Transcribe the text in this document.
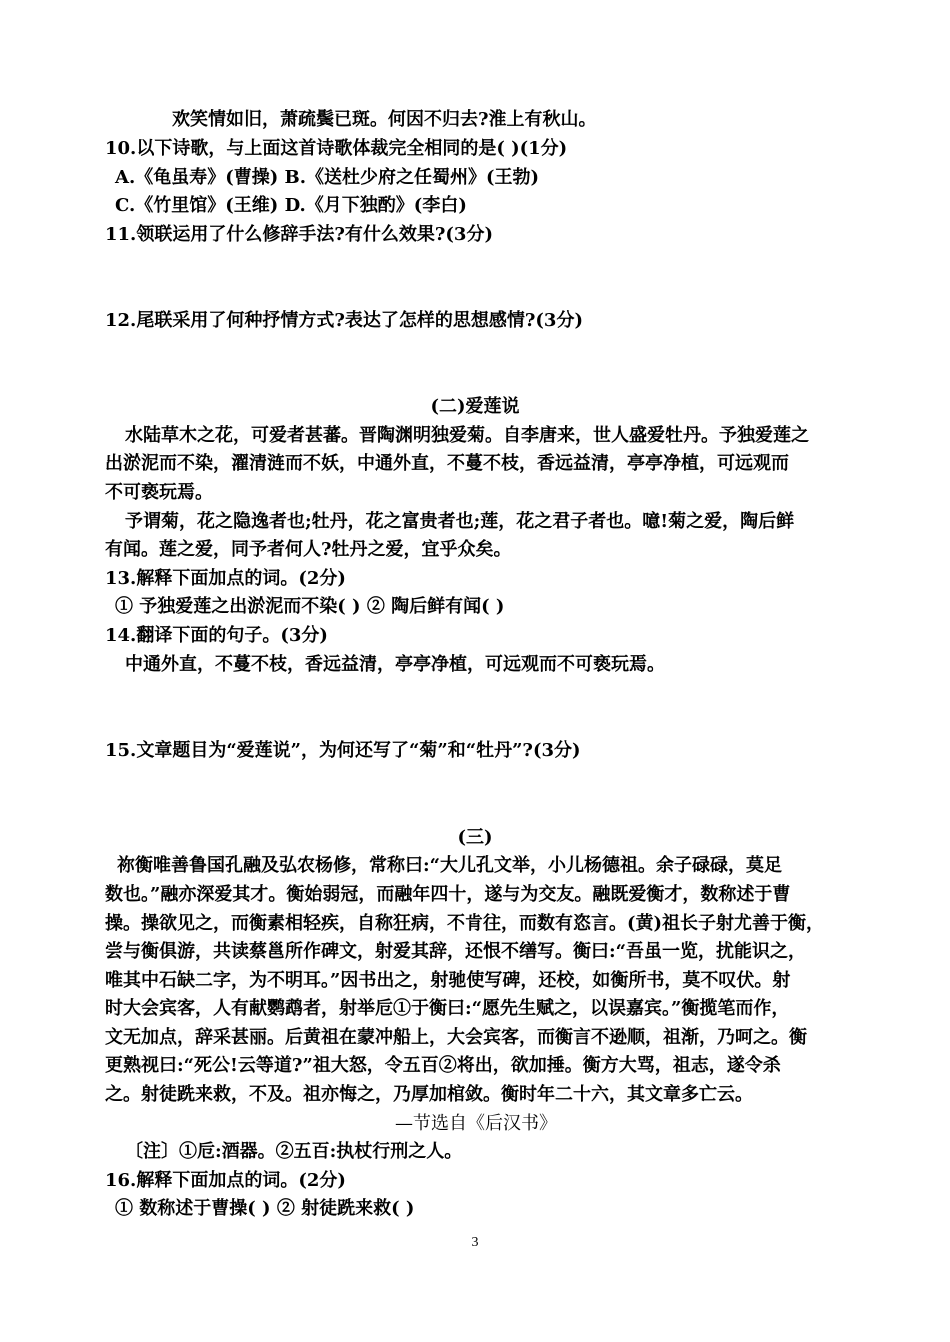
欢笑情如旧，萧疏鬓已斑。何因不归去?淮上有秋山。
10.以下诗歌，与上面这首诗歌体裁完全相同的是( )(1分)
A.《龟虽寿》(曹操) B.《送杜少府之任蜀州》(王勃)
C.《竹里馆》(王维) D.《月下独酌》(李白)
11.领联运用了什么修辞手法?有什么效果?(3分)
12.尾联采用了何种抒情方式?表达了怎样的思想感情?(3分)
(二)爱莲说
水陆草木之花，可爱者甚蕃。晋陶渊明独爱菊。自李唐来，世人盛爱牡丹。予独爱莲之
出淤泥而不染，濯清涟而不妖，中通外直，不蔓不枝，香远益清，亭亭净植，可远观而
不可亵玩焉。
予谓菊，花之隐逸者也;牡丹，花之富贵者也;莲，花之君子者也。噫!菊之爱，陶后鲜
有闻。莲之爱，同予者何人?牡丹之爱，宜乎众矣。
13.解释下面加点的词。(2分)
① 予独爱莲之出淤泥而不染( ) ② 陶后鲜有闻( )
14.翻译下面的句子。(3分)
中通外直，不蔓不枝，香远益清，亭亭净植，可远观而不可亵玩焉。
15.文章题目为“爱莲说”，为何还写了“菊”和“牡丹”?(3分)
(三)
祢衡唯善鲁国孔融及弘农杨修，常称曰:“大儿孔文举，小儿杨德祖。余子碌碌，莫足
数也。”融亦深爱其才。衡始弱冠，而融年四十，遂与为交友。融既爱衡才，数称述于曹
操。操欲见之，而衡素相轻疾，自称狂病，不肯往，而数有恣言。(黄)祖长子射尤善于衡，
尝与衡俱游，共读蔡邕所作碑文，射爱其辞，还恨不缮写。衡曰:“吾虽一览，扰能识之，
唯其中石缺二字，为不明耳。”因书出之，射驰使写碑，还校，如衡所书，莫不叹伏。射
时大会宾客，人有献鹦鹉者，射举卮①于衡曰:“愿先生赋之，以误嘉宾。”衡揽笔而作，
文无加点，辞采甚丽。后黄祖在蒙冲船上，大会宾客，而衡言不逊顺，祖渐，乃呵之。衡
更熟视曰:“死公!云等道?”祖大怒，令五百②将出，欲加捶。衡方大骂，祖志，遂令杀
之。射徒跣来救，不及。祖亦悔之，乃厚加棺敛。衡时年二十六，其文章多亡云。
—节选自《后汉书》
〔注〕①卮:酒器。②五百:执杖行刑之人。
16.解释下面加点的词。(2分)
① 数称述于曹操( ) ② 射徒跣来救( )
3
